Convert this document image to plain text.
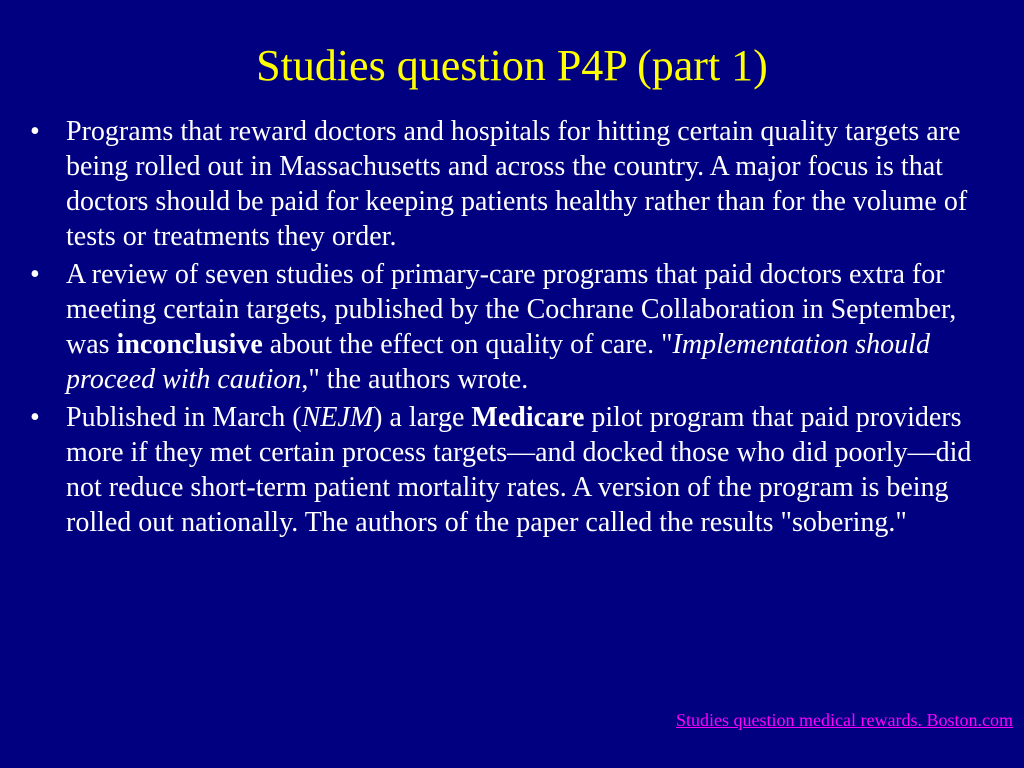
Studies question P4P (part 1)
• Programs that reward doctors and hospitals for hitting certain quality targets are being rolled out in Massachusetts and across the country. A major focus is that doctors should be paid for keeping patients healthy rather than for the volume of tests or treatments they order.
• A review of seven studies of primary-care programs that paid doctors extra for meeting certain targets, published by the Cochrane Collaboration in September, was inconclusive about the effect on quality of care. "Implementation should proceed with caution," the authors wrote.
• Published in March (NEJM) a large Medicare pilot program that paid providers more if they met certain process targets—and docked those who did poorly—did not reduce short-term patient mortality rates. A version of the program is being rolled out nationally. The authors of the paper called the results "sobering."
Studies question medical rewards. Boston.com
